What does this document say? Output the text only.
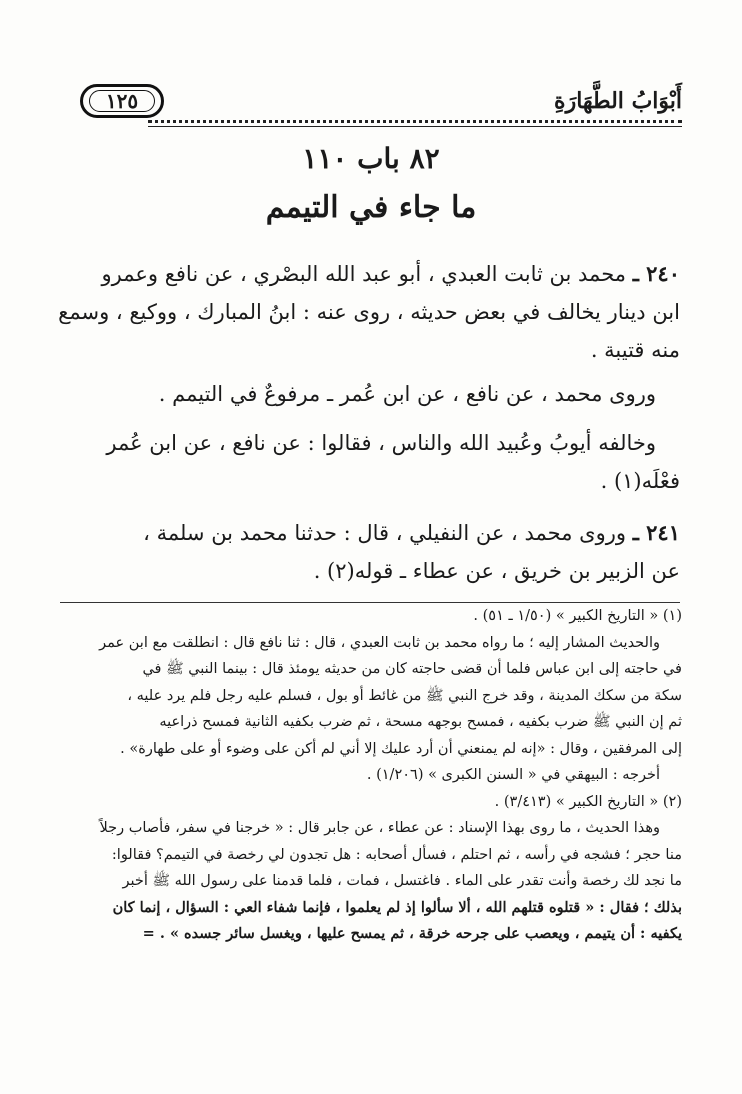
أَبْوَابُ الطَّهَارَةِ
١٢٥
٨٢ باب ١١٠
ما جاء في التيمم
٢٤٠ ـ محمد بن ثابت العبدي ، أبو عبد الله البصْري ، عن نافع وعمرو
ابن دينار يخالف في بعض حديثه ، روى عنه : ابنُ المبارك ، ووكيع ، وسمع
منه قتيبة .
وروى محمد ، عن نافع ، عن ابن عُمر ـ مرفوعٌ في التيمم .
وخالفه أيوبُ وعُبيد الله والناس ، فقالوا : عن نافع ، عن ابن عُمر
فعْلَه(١) .
٢٤١ ـ وروى محمد ، عن النفيلي ، قال : حدثنا محمد بن سلمة ،
عن الزبير بن خريق ، عن عطاء ـ قوله(٢) .
(١) « التاريخ الكبير » (١/٥٠ ـ ٥١) .
والحديث المشار إليه ؛ ما رواه محمد بن ثابت العبدي ، قال : ثنا نافع قال : انطلقت مع ابن عمر
في حاجته إلى ابن عباس فلما أن قضى حاجته كان من حديثه يومئذ قال : بينما النبي ﷺ في
سكة من سكك المدينة ، وقد خرج النبي ﷺ من غائط أو بول ، فسلم عليه رجل فلم يرد عليه ،
ثم إن النبي ﷺ ضرب بكفيه ، فمسح بوجهه مسحة ، ثم ضرب بكفيه الثانية فمسح ذراعيه
إلى المرفقين ، وقال : «إنه لم يمنعني أن أرد عليك إلا أني لم أكن على وضوء أو على طهارة» .
أخرجه : البيهقي في « السنن الكبرى » (١/٢٠٦) .
(٢) « التاريخ الكبير » (٣/٤١٣) .
وهذا الحديث ، ما روى بهذا الإسناد : عن عطاء ، عن جابر قال : « خرجنا في سفر، فأصاب رجلاً
منا حجر ؛ فشجه في رأسه ، ثم احتلم ، فسأل أصحابه : هل تجدون لي رخصة في التيمم؟ فقالوا:
ما نجد لك رخصة وأنت تقدر على الماء . فاغتسل ، فمات ، فلما قدمنا على رسول الله ﷺ أخبر
بذلك ؛ فقال : « قتلوه قتلهم الله ، ألا سألوا إذ لم يعلموا ، فإنما شفاء العي : السؤال ، إنما كان
يكفيه : أن يتيمم ، ويعصب على جرحه خرقة ، ثم يمسح عليها ، ويغسل سائر جسده » . =
